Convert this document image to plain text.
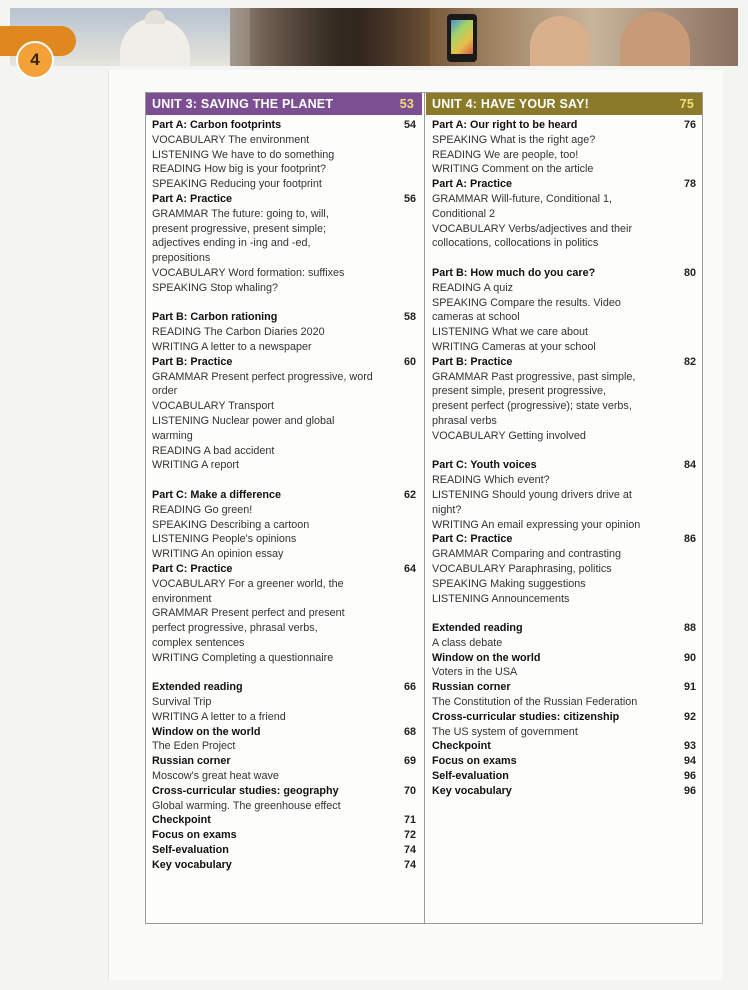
4
UNIT 3: SAVING THE PLANET	53
Part A: Carbon footprints	54
VOCABULARY The environment
LISTENING We have to do something
READING How big is your footprint?
SPEAKING Reducing your footprint
Part A: Practice	56
GRAMMAR The future: going to, will,
present progressive, present simple;
adjectives ending in -ing and -ed,
prepositions
VOCABULARY Word formation: suffixes
SPEAKING Stop whaling?
Part B: Carbon rationing	58
READING The Carbon Diaries 2020
WRITING A letter to a newspaper
Part B: Practice	60
GRAMMAR Present perfect progressive, word
order
VOCABULARY Transport
LISTENING Nuclear power and global
warming
READING A bad accident
WRITING A report
Part C: Make a difference	62
READING Go green!
SPEAKING Describing a cartoon
LISTENING People's opinions
WRITING An opinion essay
Part C: Practice	64
VOCABULARY For a greener world, the
environment
GRAMMAR Present perfect and present
perfect progressive, phrasal verbs,
complex sentences
WRITING Completing a questionnaire
Extended reading	66
Survival Trip
WRITING A letter to a friend
Window on the world	68
The Eden Project
Russian corner	69
Moscow's great heat wave
Cross-curricular studies: geography	70
Global warming. The greenhouse effect
Checkpoint	71
Focus on exams	72
Self-evaluation	74
Key vocabulary	74
UNIT 4: HAVE YOUR SAY!	75
Part A: Our right to be heard	76
SPEAKING What is the right age?
READING We are people, too!
WRITING Comment on the article
Part A: Practice	78
GRAMMAR Will-future, Conditional 1,
Conditional 2
VOCABULARY Verbs/adjectives and their
collocations, collocations in politics
Part B: How much do you care?	80
READING A quiz
SPEAKING Compare the results. Video
cameras at school
LISTENING What we care about
WRITING Cameras at your school
Part B: Practice	82
GRAMMAR Past progressive, past simple,
present simple, present progressive,
present perfect (progressive); state verbs,
phrasal verbs
VOCABULARY Getting involved
Part C: Youth voices	84
READING Which event?
LISTENING Should young drivers drive at
night?
WRITING An email expressing your opinion
Part C: Practice	86
GRAMMAR Comparing and contrasting
VOCABULARY Paraphrasing, politics
SPEAKING Making suggestions
LISTENING Announcements
Extended reading	88
A class debate
Window on the world	90
Voters in the USA
Russian corner	91
The Constitution of the Russian Federation
Cross-curricular studies: citizenship	92
The US system of government
Checkpoint	93
Focus on exams	94
Self-evaluation	96
Key vocabulary	96
